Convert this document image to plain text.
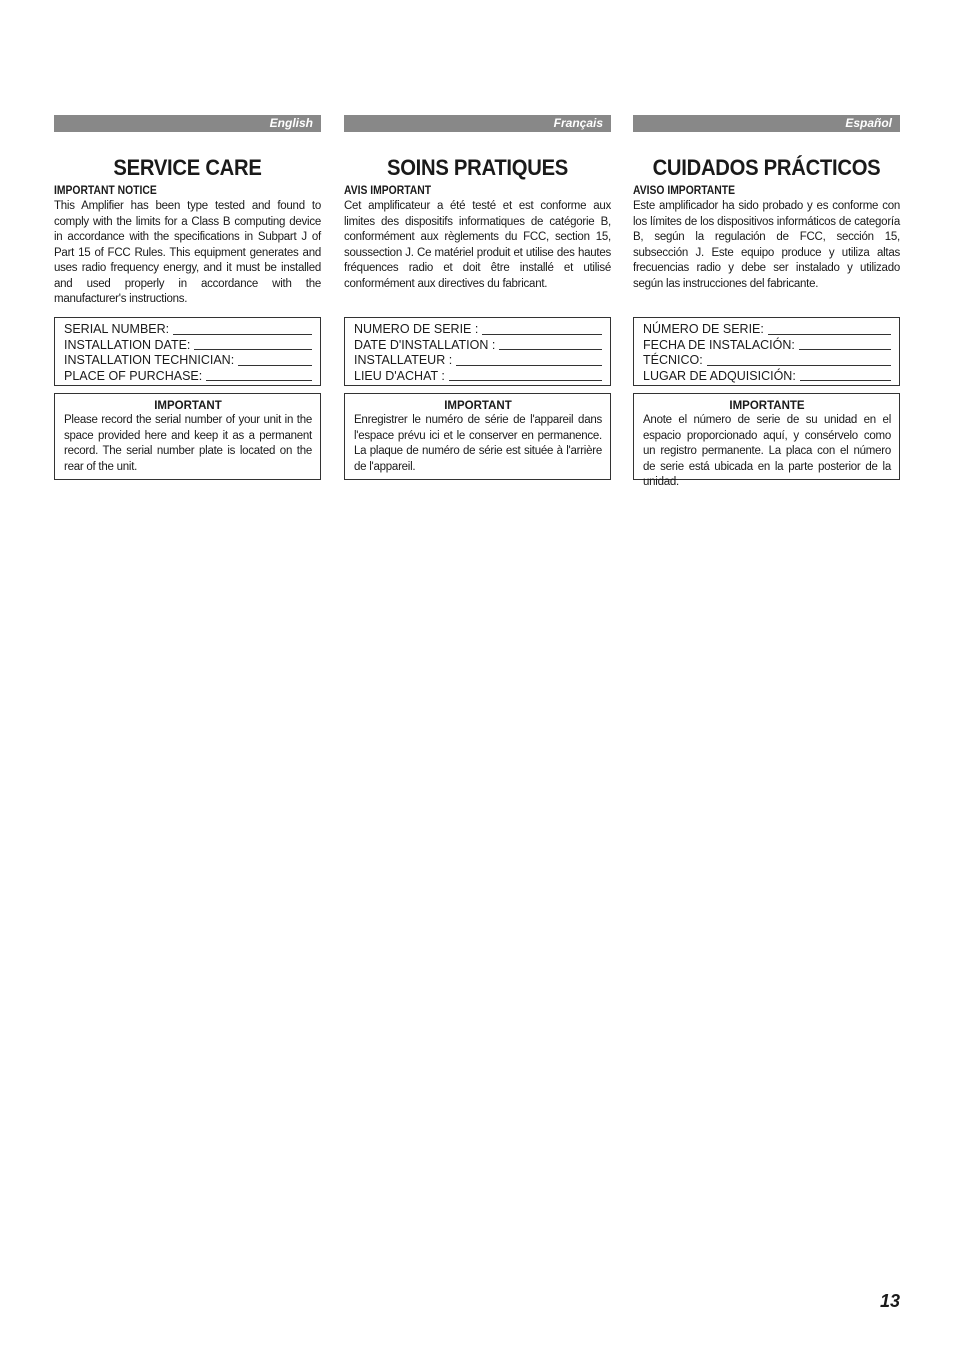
English
SERVICE CARE
IMPORTANT NOTICE
This Amplifier has been type tested and found to comply with the limits for a Class B computing device in accordance with the specifications in Subpart J of Part 15 of FCC Rules. This equipment generates and uses radio frequency energy, and it must be installed and used properly in accordance with the manufacturer's instructions.
SERIAL NUMBER:
INSTALLATION DATE:
INSTALLATION TECHNICIAN:
PLACE OF PURCHASE:
IMPORTANT
Please record the serial number of your unit in the space provided here and keep it as a permanent record. The serial number plate is located on the rear of the unit.
Français
SOINS PRATIQUES
AVIS IMPORTANT
Cet amplificateur a été testé et est conforme aux limites des dispositifs informatiques de catégorie B, conformément aux règlements du FCC, section 15, soussection J. Ce matériel produit et utilise des hautes fréquences radio et doit être installé et utilisé conformément aux directives du fabricant.
NUMERO DE SERIE :
DATE D'INSTALLATION :
INSTALLATEUR :
LIEU D'ACHAT :
IMPORTANT
Enregistrer le numéro de série de l'appareil dans l'espace prévu ici et le conserver en permanence. La plaque de numéro de série est située à l'arrière de l'appareil.
Español
CUIDADOS PRÁCTICOS
AVISO IMPORTANTE
Este amplificador ha sido probado y es conforme con los límites de los dispositivos informáticos de categoría B, según la regulación de FCC, sección 15, subsección J. Este equipo produce y utiliza altas frecuencias radio y debe ser instalado y utilizado según las instrucciones del fabricante.
NÚMERO DE SERIE:
FECHA DE INSTALACIÓN:
TÉCNICO:
LUGAR DE ADQUISICIÓN:
IMPORTANTE
Anote el número de serie de su unidad en el espacio proporcionado aquí, y consérvelo como un registro permanente. La placa con el número de serie está ubicada en la parte posterior de la unidad.
13
